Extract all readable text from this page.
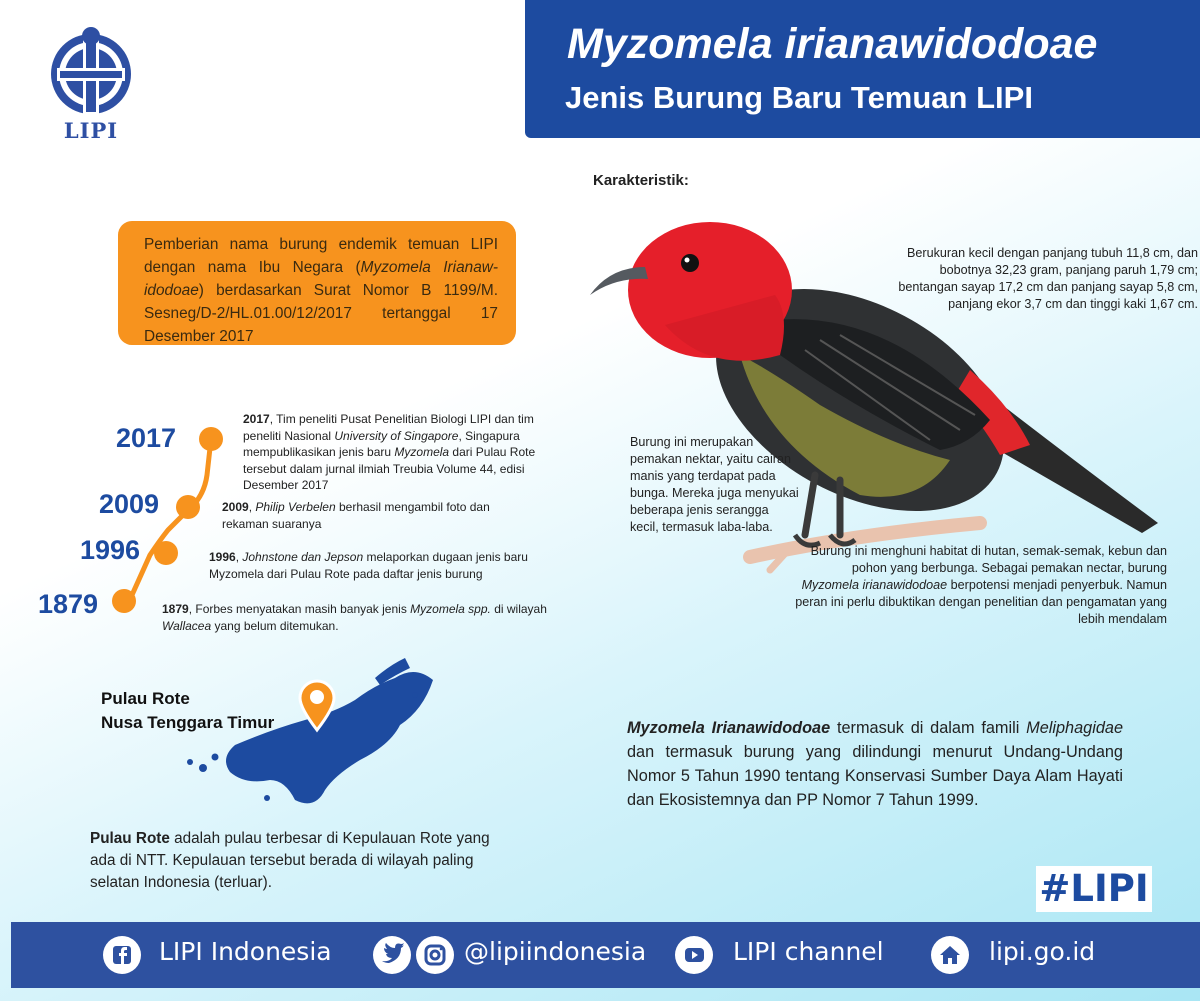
LIPI
Myzomela irianawidodoae
Jenis Burung Baru Temuan LIPI
Karakteristik:
Pemberian nama burung endemik temuan LIPI dengan nama Ibu Negara (Myzomela Irianaw-idodoae) berdasarkan Surat Nomor B 1199/M. Sesneg/D-2/HL.01.00/12/2017 tertanggal 17 Desember 2017
2017
2009
1996
1879
2017, Tim peneliti Pusat Penelitian Biologi LIPI dan tim peneliti Nasional University of Singapore, Singapura mempublikasikan jenis baru Myzomela dari Pulau Rote tersebut dalam jurnal ilmiah Treubia Volume 44, edisi Desember 2017
2009, Philip Verbelen berhasil mengambil foto dan rekaman suaranya
1996, Johnstone dan Jepson melaporkan dugaan jenis baru Myzomela dari Pulau Rote pada daftar jenis burung
1879, Forbes menyatakan masih banyak jenis Myzomela spp. di wilayah Wallacea yang belum ditemukan.
Berukuran kecil dengan panjang tubuh 11,8 cm, dan bobotnya 32,23 gram, panjang paruh 1,79 cm; bentangan sayap 17,2 cm dan panjang sayap 5,8 cm, panjang ekor 3,7 cm dan tinggi kaki 1,67 cm.
Burung ini merupakan pemakan nektar, yaitu cairan manis yang terdapat pada bunga. Mereka juga menyukai beberapa jenis serangga kecil, termasuk laba-laba.
Burung ini menghuni habitat di hutan, semak-semak, kebun dan pohon yang berbunga. Sebagai pemakan nectar, burung Myzomela irianawidodoae berpotensi menjadi penyerbuk. Namun peran ini perlu dibuktikan dengan penelitian dan pengamatan yang lebih mendalam
Pulau Rote
Nusa Tenggara Timur
Pulau Rote adalah pulau terbesar di Kepulauan Rote yang ada di NTT. Kepulauan tersebut berada di wilayah paling selatan Indonesia (terluar).
Myzomela Irianawidodoae termasuk di dalam famili Meliphagidae dan termasuk burung yang dilindungi menurut Undang-Undang Nomor 5 Tahun 1990 tentang Konservasi Sumber Daya Alam Hayati dan Ekosistemnya dan PP Nomor 7 Tahun 1999.
#LIPI
LIPI Indonesia	@lipiindonesia	LIPI channel	lipi.go.id
